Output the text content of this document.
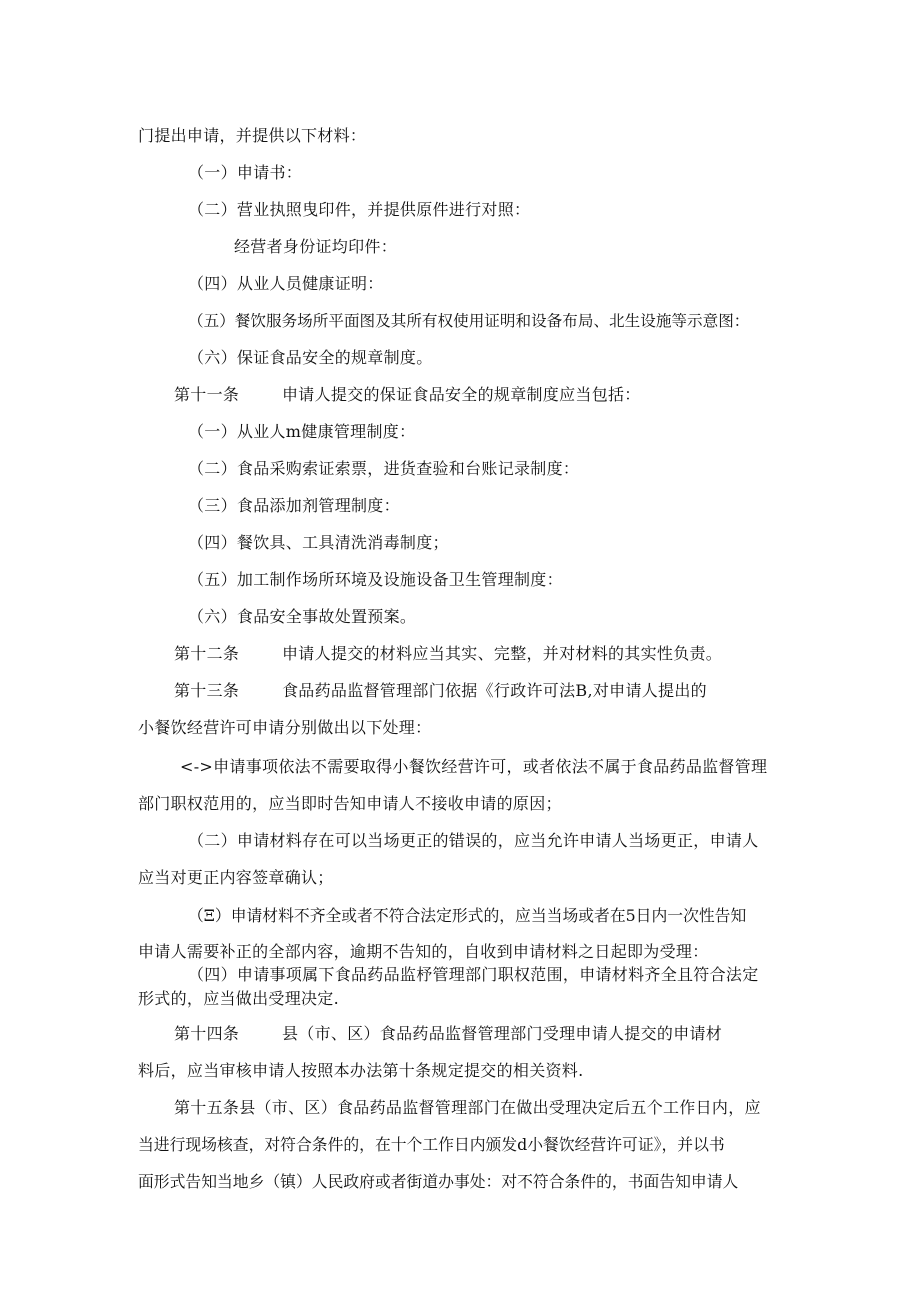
门提出申请，并提供以下材料：
（一）申请书：
（二）营业执照曳印件，并提供原件进行对照：
经营者身份证均印件：
（四）从业人员健康证明：
（五）餐饮服务场所平面图及其所有权使用证明和设备布局、北生设施等示意图：
（六）保证食品安全的规章制度。
第十一条	申请人提交的保证食品安全的规章制度应当包括：
（一）从业人m健康管理制度：
（二）食品采购索证索票，进货查验和台账记录制度：
（三）食品添加剂管理制度：
（四）餐饮具、工具清洗消毒制度；
（五）加工制作场所环境及设施设备卫生管理制度：
（六）食品安全事故处置预案。
第十二条	申请人提交的材料应当其实、完整，并对材料的其实性负责。
第十三条	食品药品监督管理部门依据《行政许可法B,对申请人提出的
小餐饮经营许可申请分别做出以下处理：
<->申请事项依法不需要取得小餐饮经营许可，或者依法不属于食品药品监督管理
部门职权范用的，应当即时告知申请人不接收申请的原因；
（二）申请材料存在可以当场更正的错误的，应当允许申请人当场更正，申请人
应当对更正内容签章确认；
（Ξ）申请材料不齐全或者不符合法定形式的，应当当场或者在5日内一次性告知
申请人需要补正的全部内容，逾期不告知的，自收到申请材料之日起即为受理：
（四）申请事项属下食品药品监杼管理部门职权范围，申请材料齐全且符合法定
形式的，应当做出受理决定.
第十四条	县（市、区）食品药品监督管理部门受理申请人提交的申请材
料后，应当审核申请人按照本办法第十条规定提交的相关资料.
第十五条县（市、区）食品药品监督管理部门在做出受理决定后五个工作日内，应
当进行现场核查，对符合条件的，在十个工作日内颁发d小餐饮经营许可证》，并以书
面形式告知当地乡（镇）人民政府或者街道办事处：对不符合条件的，书面告知申请人
